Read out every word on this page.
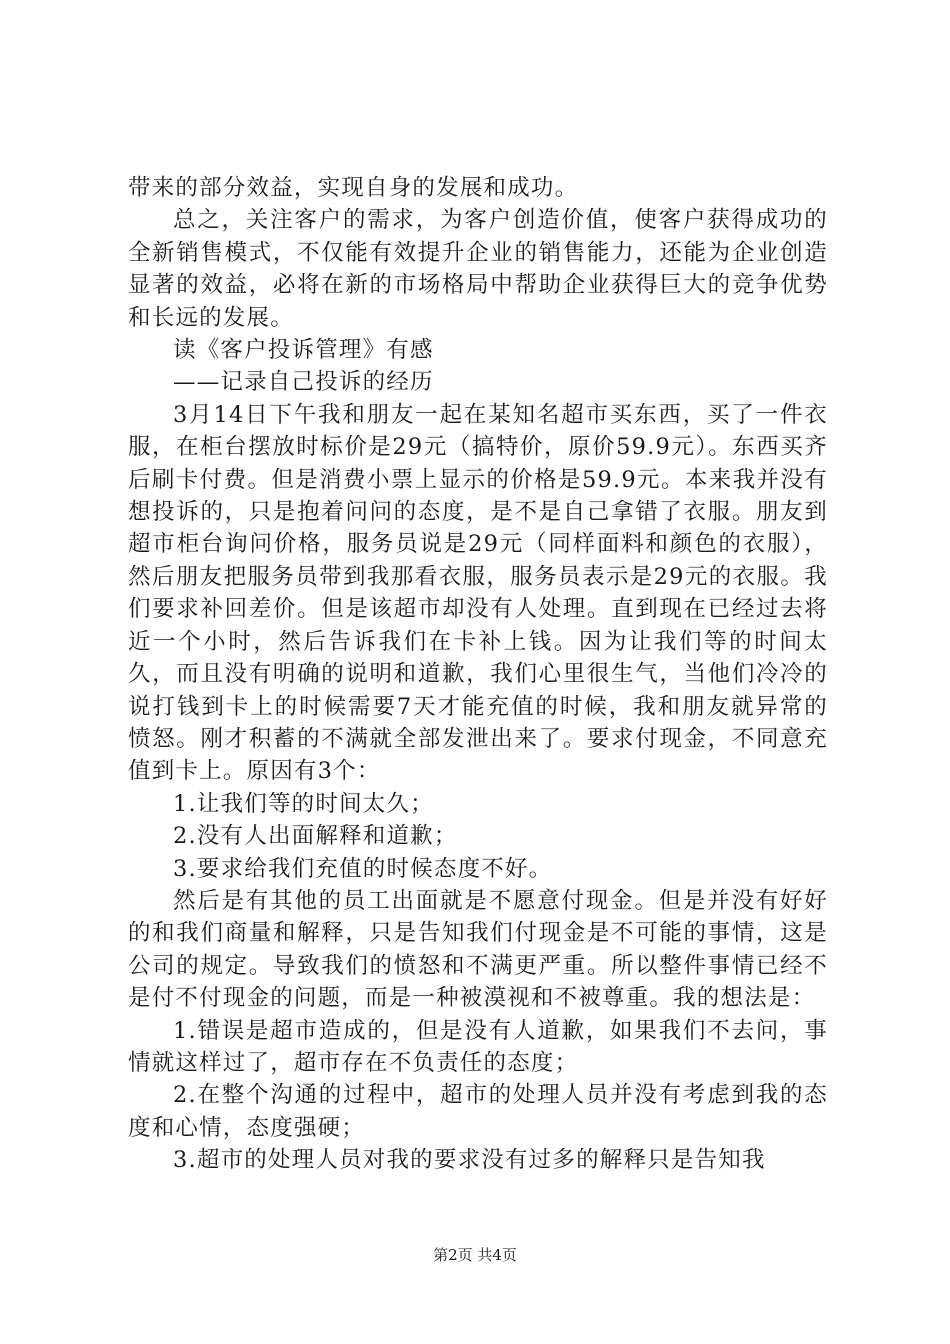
带来的部分效益，实现自身的发展和成功。

总之，关注客户的需求，为客户创造价值，使客户获得成功的全新销售模式，不仅能有效提升企业的销售能力，还能为企业创造显著的效益，必将在新的市场格局中帮助企业获得巨大的竞争优势和长远的发展。

读《客户投诉管理》有感

——记录自己投诉的经历

3月14日下午我和朋友一起在某知名超市买东西，买了一件衣服，在柜台摆放时标价是29元（搞特价，原价59.9元）。东西买齐后刷卡付费。但是消费小票上显示的价格是59.9元。本来我并没有想投诉的，只是抱着问问的态度，是不是自己拿错了衣服。朋友到超市柜台询问价格，服务员说是29元（同样面料和颜色的衣服），然后朋友把服务员带到我那看衣服，服务员表示是29元的衣服。我们要求补回差价。但是该超市却没有人处理。直到现在已经过去将近一个小时，然后告诉我们在卡补上钱。因为让我们等的时间太久，而且没有明确的说明和道歉，我们心里很生气，当他们冷冷的说打钱到卡上的时候需要7天才能充值的时候，我和朋友就异常的愤怒。刚才积蓄的不满就全部发泄出来了。要求付现金，不同意充值到卡上。原因有3个：

1.让我们等的时间太久；

2.没有人出面解释和道歉；

3.要求给我们充值的时候态度不好。

然后是有其他的员工出面就是不愿意付现金。但是并没有好好的和我们商量和解释，只是告知我们付现金是不可能的事情，这是公司的规定。导致我们的愤怒和不满更严重。所以整件事情已经不是付不付现金的问题，而是一种被漠视和不被尊重。我的想法是：

1.错误是超市造成的，但是没有人道歉，如果我们不去问，事情就这样过了，超市存在不负责任的态度；

2.在整个沟通的过程中，超市的处理人员并没有考虑到我的态度和心情，态度强硬；

3.超市的处理人员对我的要求没有过多的解释只是告知我

第2页 共4页
